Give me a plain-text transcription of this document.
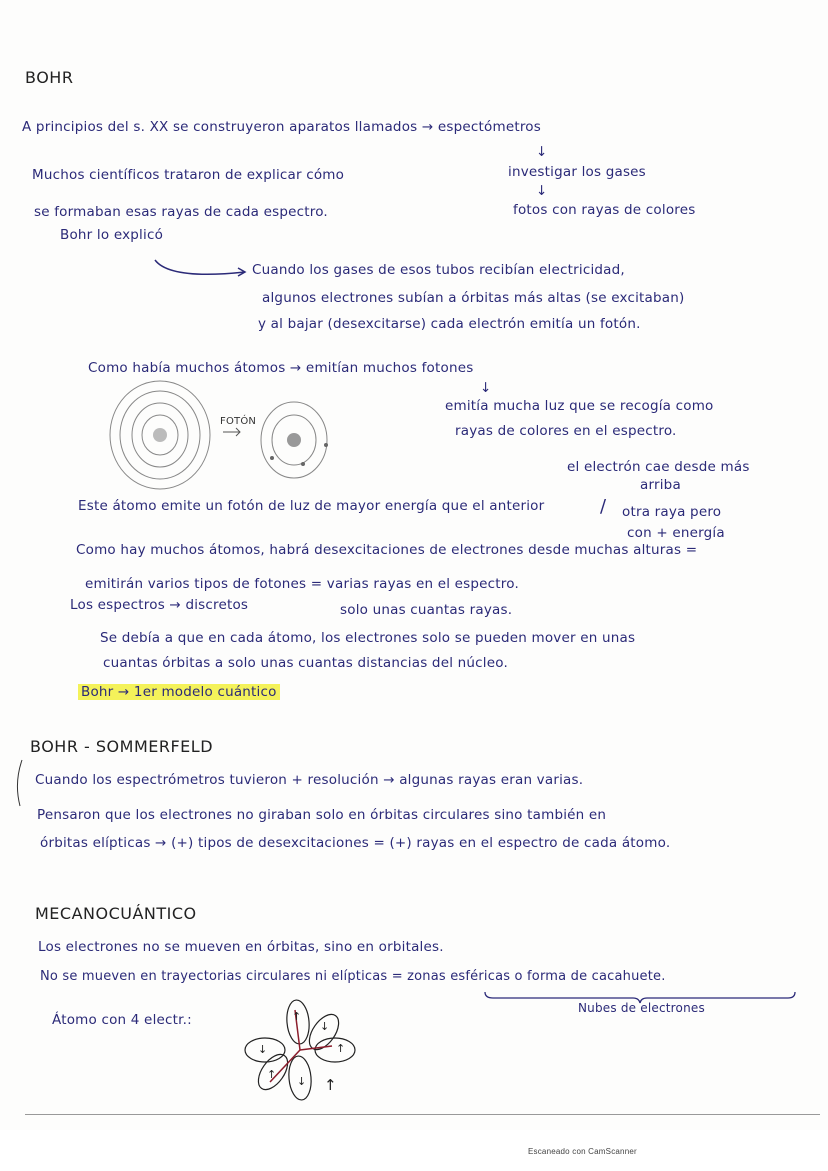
BOHR
A principios del s. XX se construyeron aparatos llamados → espectómetros
↓
investigar los gases
↓
fotos con rayas de colores
Muchos científicos trataron de explicar cómo
se formaban esas rayas de cada espectro.
Bohr lo explicó
Cuando los gases de esos tubos recibían electricidad,
algunos electrones subían a órbitas más altas (se excitaban)
y al bajar (desexcitarse) cada electrón emitía un fotón.
Como había muchos átomos → emitían muchos fotones
↓
emitía mucha luz que se recogía como
rayas de colores en el espectro.
FOTÓN
el electrón cae desde más
arriba
Este átomo emite un fotón de luz de mayor energía que el anterior	/ otra raya pero
con + energía
Como hay muchos átomos, habrá desexcitaciones de electrones desde muchas alturas =
emitirán varios tipos de fotones = varias rayas en el espectro.
Los espectros → discretos	solo unas cuantas rayas.
Se debía a que en cada átomo, los electrones solo se pueden mover en unas
cuantas órbitas a solo unas cuantas distancias del núcleo.
Bohr → 1er modelo cuántico
BOHR - SOMMERFELD
Cuando los espectrómetros tuvieron + resolución → algunas rayas eran varias.
Pensaron que los electrones no giraban solo en órbitas circulares sino también en
órbitas elípticas → (+) tipos de desexcitaciones = (+) rayas en el espectro de cada átomo.
MECANOCUÁNTICO
Los electrones no se mueven en órbitas, sino en orbitales.
No se mueven en trayectorias circulares ni elípticas = zonas esféricas o forma de cacahuete.
Nubes de electrones
Átomo con 4 electr.:	↑
↓
↑
↓
↑
↓ ↑
Escaneado con CamScanner
